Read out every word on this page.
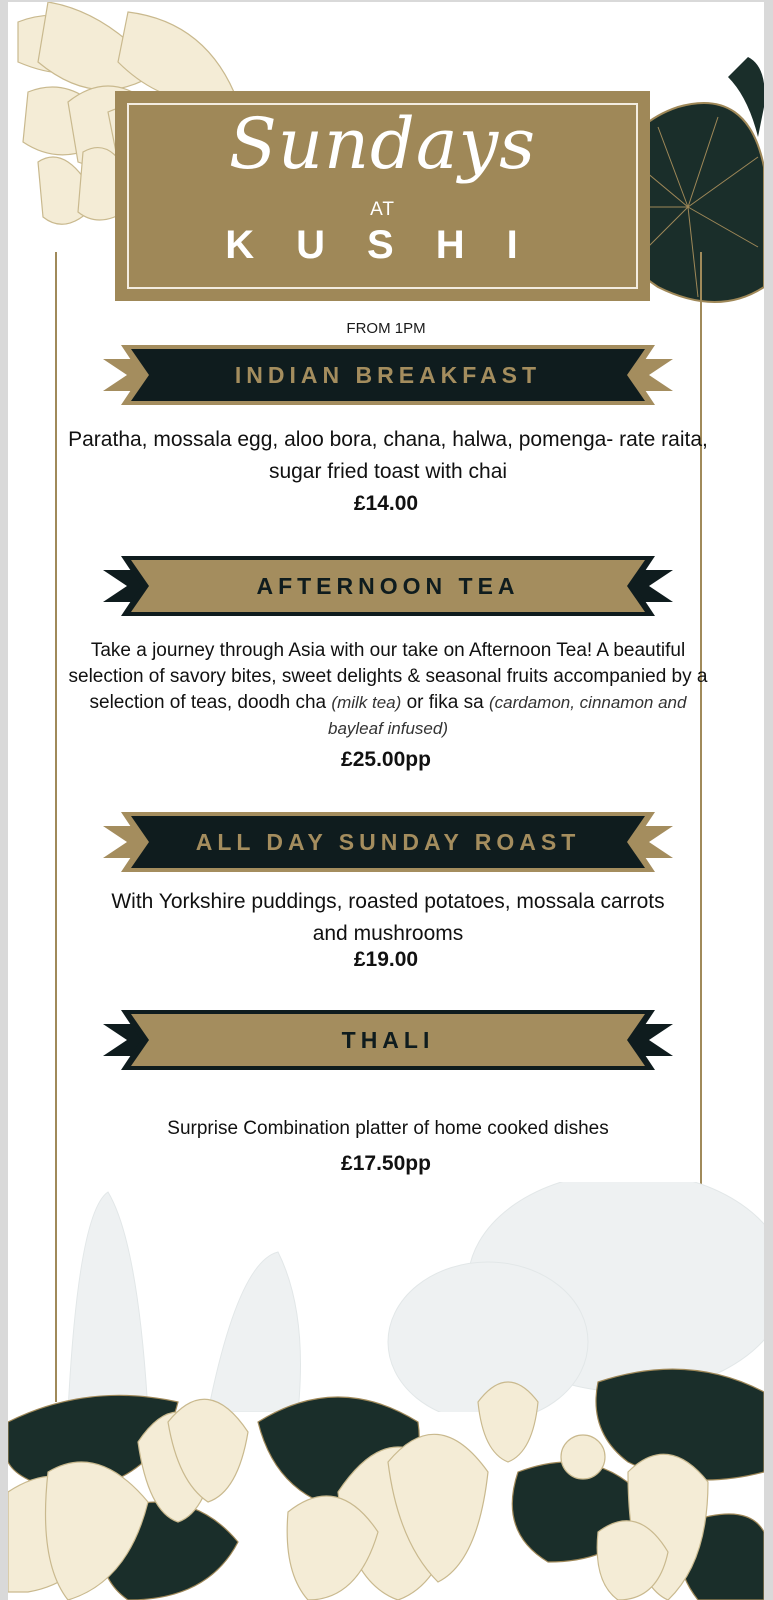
Sundays
AT
KUSHI
FROM 1PM
INDIAN BREAKFAST
Paratha, mossala egg, aloo bora, chana, halwa, pomenga- rate raita, sugar fried toast with chai
£14.00
AFTERNOON TEA
Take a journey through Asia with our take on Afternoon Tea! A beautiful selection of savory bites, sweet delights & seasonal fruits accompanied by a selection of teas, doodh cha (milk tea) or fika sa (cardamon, cinnamon and bayleaf infused)
£25.00pp
ALL DAY SUNDAY ROAST
With Yorkshire puddings, roasted potatoes, mossala carrots and mushrooms
£19.00
THALI
Surprise Combination platter of home cooked dishes
£17.50pp
